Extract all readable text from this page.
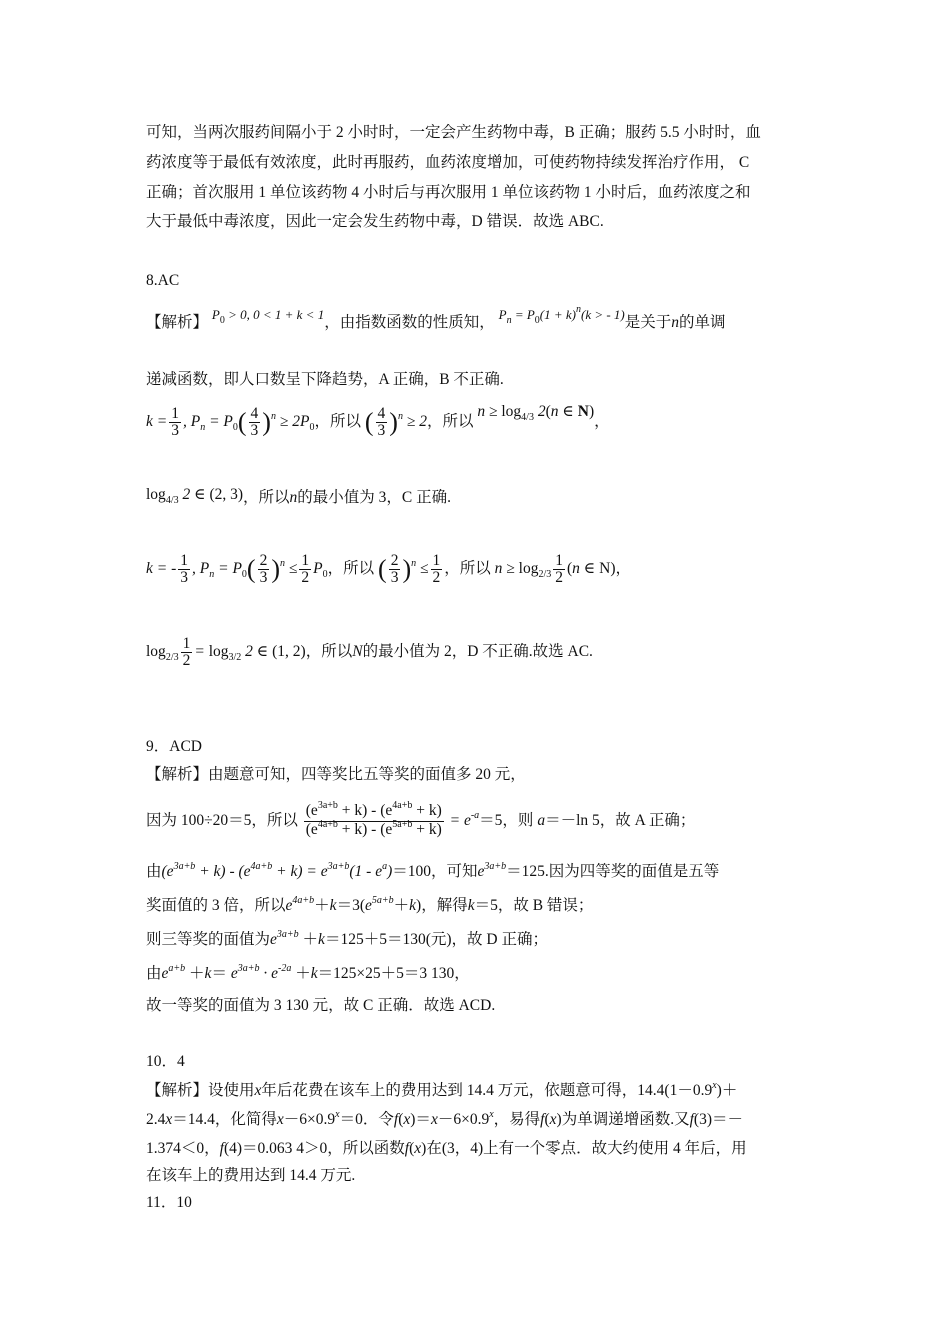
可知，当两次服药间隔小于 2 小时时，一定会产生药物中毒，B 正确；服药 5.5 小时时，血
药浓度等于最低有效浓度，此时再服药，血药浓度增加，可使药物持续发挥治疗作用， C
正确；首次服用 1 单位该药物 4 小时后与再次服用 1 单位该药物 1 小时后，血药浓度之和
大于最低中毒浓度，因此一定会发生药物中毒，D 错误．故选 ABC.
8.AC
【解析】 $^{P_0 > 0, 0 < 1 + k < 1}$，由指数函数的性质知， $^{P_n = P_0(1 + k)^n(k > - 1)}$是关于n的单调
递减函数，即人口数呈下降趋势，A 正确，B 不正确.
$k = \frac{1}{3}$ , $P_n = P_0( \frac{4}{3} )^n \ge 2P_0$，所以 ( $\frac{4}{3} )^n \ge 2$，所以 $n \ge \log_{4/3} 2(n$ ∈ N)，
$\log_{4/3} 2$ ∈ (2, 3)，所以n的最小值为 3，C 正确.
k = - $\frac{1}{3}$ , $P_n = P_0( \frac{2}{3} )^n \le \frac{1}{2} P_0$，所以 ( $\frac{2}{3} )^n \le \frac{1}{2}$ ，所以 $n \ge \log_{2/3} \frac{1}{2} (n$ ∈ N)，
$\log_{2/3} \frac{1}{2} = \log_{3/2} 2$ ∈ (1, 2)，所以N的最小值为 2，D 不正确.故选 AC.
9．ACD
【解析】由题意可知，四等奖比五等奖的面值多 20 元，
因为 100÷20＝5，所以 $\frac{(e^{3a+b} + k) - (e^{4a+b} + k)}{(e^{4a+b} + k) - (e^{5a+b} + k)} = e^{-a}=5$，则 a＝－ln 5，故 A 正确；
由$(e^{3a+b} + k) - (e^{4a+b} + k) = e^{3a+b}(1 - e^a)=100$，可知$e^{3a+b}=125$.因为四等奖的面值是五等
奖面值的 3 倍，所以$e^{4a+b}+k=3(e^{5a+b}+k)$，解得k＝5，故 B 错误；
则三等奖的面值为$e^{3a+b} +k=125+5=130$(元)，故 D 正确；
由$e^{a+b} +k= e^{3a+b} \cdot e^{-2a} +k=125\times 25+5=3$ 130，
故一等奖的面值为 3 130 元，故 C 正确．故选 ACD.
10．4
【解析】设使用x年后花费在该车上的费用达到 14.4 万元，依题意可得，$14.4(1-0.9^x)+$
2.4x＝14.4，化简得$x-6\times 0.9^x=0$．令$f(x)=x-6\times 0.9^x$，易得f(x)为单调递增函数.又f(3)＝－
1.374＜0，f(4)＝0.063 4＞0，所以函数f(x)在(3，4)上有一个零点．故大约使用 4 年后，用
在该车上的费用达到 14.4 万元.
11．10
